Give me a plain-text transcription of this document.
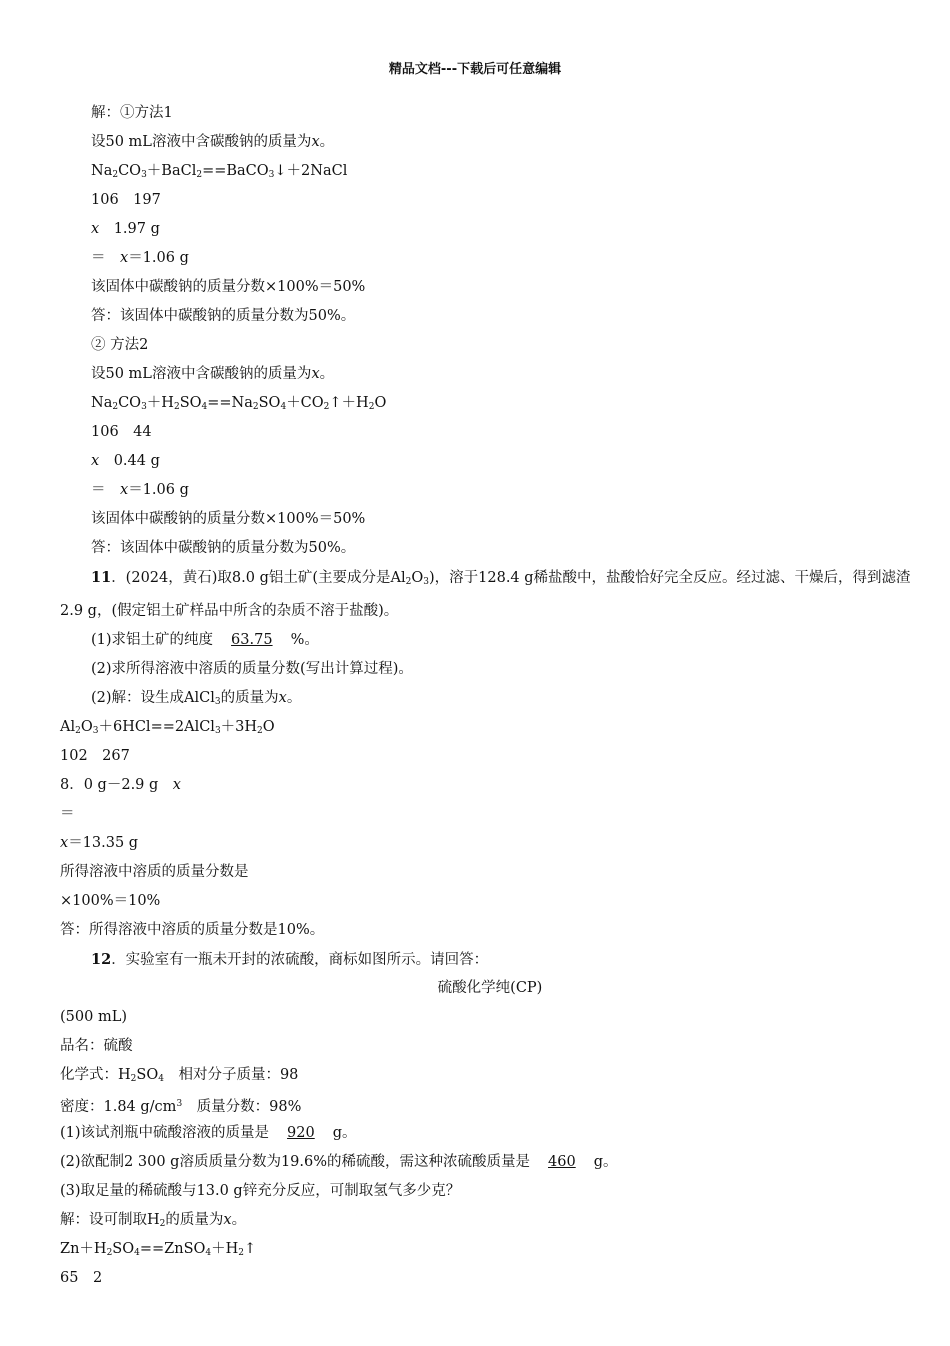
精品文档---下载后可任意编辑
解：①方法1
设50 mL溶液中含碳酸钠的质量为x。
$Na_2CO_3+BaCl_2==BaCO_3↓+2NaCl$
106　197
x　 1.97 g
＝　x＝1.06 g
该固体中碳酸钠的质量分数×100%＝50%
答：该固体中碳酸钠的质量分数为50%。
② 方法2
设50 mL溶液中含碳酸钠的质量为x。
$Na_2CO_3+H_2SO_4==Na_2SO_4+CO_2↑+H_2O$
106　44
x　 0.44 g
＝　x＝1.06 g
该固体中碳酸钠的质量分数×100%＝50%
答：该固体中碳酸钠的质量分数为50%。
11．(2024，黄石)取8.0 g铝土矿(主要成分是$Al_2O_3$)，溶于128.4 g稀盐酸中，盐酸恰好完全反应。经过滤、干燥后，得到滤渣2.9 g，(假定铝土矿样品中所含的杂质不溶于盐酸)。
(1)求铝土矿的纯度 63.75 %。
(2)求所得溶液中溶质的质量分数(写出计算过程)。
(2)解：设生成AlCl$_3$的质量为x。
$Al_2O_3+6HCl==2AlCl_3+3H_2O$
102　267
8．0 g－2.9 g　x
＝
x＝13.35 g
所得溶液中溶质的质量分数是
×100%＝10%
答：所得溶液中溶质的质量分数是10%。
12．实验室有一瓶未开封的浓硫酸，商标如图所示。请回答：
硫酸化学纯(CP)
(500 mL)
品名：硫酸
化学式：$H_2SO_4$　相对分子质量：98
密度：1.84 $g/cm^3$　质量分数：98%
(1)该试剂瓶中硫酸溶液的质量是 920 g。
(2)欲配制2 300 g溶质质量分数为19.6%的稀硫酸，需这种浓硫酸质量是 460 g。
(3)取足量的稀硫酸与13.0 g锌充分反应，可制取氢气多少克？
解：设可制取$H_2$的质量为x。
$Zn+H_2SO_4==ZnSO_4+H_2↑$
65　2
